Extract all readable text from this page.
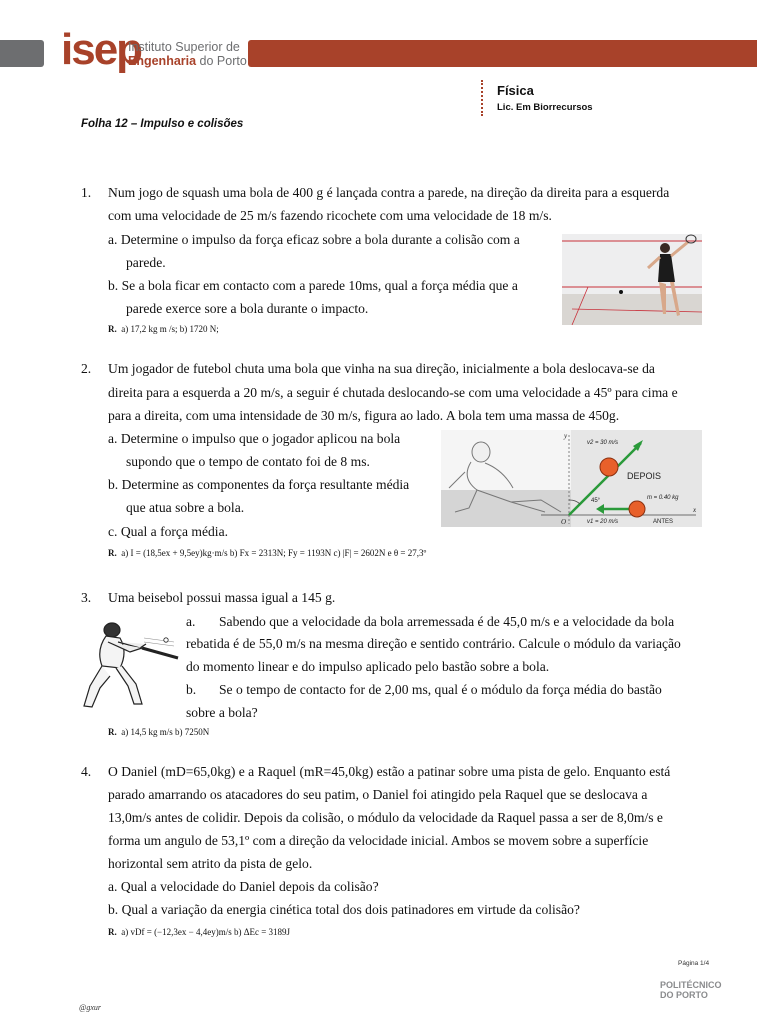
isep
Instituto Superior de
Engenharia do Porto
Física
Lic. Em Biorrecursos
Folha 12 – Impulso e colisões
1. Num jogo de squash uma bola de 400 g é lançada contra a parede, na direção da direita para a esquerda
com uma velocidade de 25 m/s fazendo ricochete com uma velocidade de 18 m/s.
a. Determine o impulso da força eficaz sobre a bola durante a colisão com a
parede.
b. Se a bola ficar em contacto com a parede 10ms, qual a força média que a
parede exerce sore a bola durante o impacto.
R. a) 17,2 kg m /s; b) 1720 N;
2. Um jogador de futebol chuta uma bola que vinha na sua direção, inicialmente a bola deslocava-se da
direita para a esquerda a 20 m/s, a seguir é chutada deslocando-se com uma velocidade a 45º para cima e
para a direita, com uma intensidade de 30 m/s, figura ao lado. A bola tem uma massa de 450g.
a. Determine o impulso que o jogador aplicou na bola
supondo que o tempo de contato foi de 8 ms.
b. Determine as componentes da força resultante média
que atua sobre a bola.
c. Qual a força média.
R. a) I = (18,5ex + 9,5ey)kg·m/s b) Fx = 2313N; Fy = 1193N c) |F| = 2602N e θ = 27,3º
v2 = 30 m/s
DEPOIS
45°	m = 0.40 kg
v1 = 20 m/s	ANTES
x
y
O
3. Uma beisebol possui massa igual a 145 g.
a. Sabendo que a velocidade da bola arremessada é de 45,0 m/s e a velocidade da bola
rebatida é de 55,0 m/s na mesma direção e sentido contrário. Calcule o módulo da variação
do momento linear e do impulso aplicado pelo bastão sobre a bola.
b. Se o tempo de contacto for de 2,00 ms, qual é o módulo da força média do bastão
sobre a bola?
R. a) 14,5 kg m/s b) 7250N
4. O Daniel (mD=65,0kg) e a Raquel (mR=45,0kg) estão a patinar sobre uma pista de gelo. Enquanto está
parado amarrando os atacadores do seu patim, o Daniel foi atingido pela Raquel que se deslocava a
13,0m/s antes de colidir. Depois da colisão, o módulo da velocidade da Raquel passa a ser de 8,0m/s e
forma um angulo de 53,1º com a direção da velocidade inicial. Ambos se movem sobre a superfície
horizontal sem atrito da pista de gelo.
a. Qual a velocidade do Daniel depois da colisão?
b. Qual a variação da energia cinética total dos dois patinadores em virtude da colisão?
R. a) vDf = (−12,3ex − 4,4ey)m/s b) ΔEc = 3189J
Página 1/4
POLITÉCNICO
DO PORTO
@gxur
